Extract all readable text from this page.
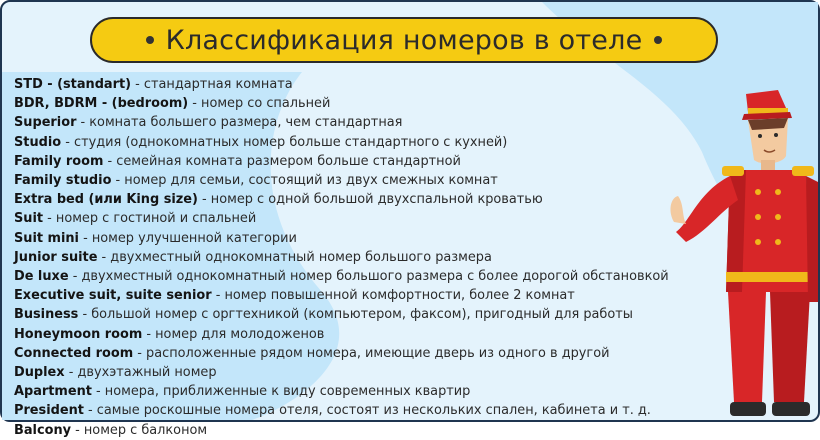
Классификация номеров в отеле
STD - (standart) - стандартная комната
BDR, BDRM - (bedroom) - номер со спальней
Superior - комната большего размера, чем стандартная
Studio - студия (однокомнатных номер больше стандартного с кухней)
Family room - семейная комната размером больше стандартной
Family studio - номер для семьи, состоящий из двух смежных комнат
Extra bed (или King size) - номер с одной большой двухспальной кроватью
Suit - номер с гостиной и спальней
Suit mini - номер улучшенной категории
Junior suite - двухместный однокомнатный номер большого размера
De luxe - двухместный однокомнатный номер большого размера с более дорогой обстановкой
Executive suit, suite senior - номер повышенной комфортности, более 2 комнат
Business - большой номер с оргтехникой (компьютером, факсом), пригодный для работы
Honeymoon room - номер для молодоженов
Connected room - расположенные рядом номера, имеющие дверь из одного в другой
Duplex - двухэтажный номер
Apartment - номера, приближенные к виду современных квартир
President - самые роскошные номера отеля, состоят из нескольких спален, кабинета и т. д.
Balcony - номер с балконом
